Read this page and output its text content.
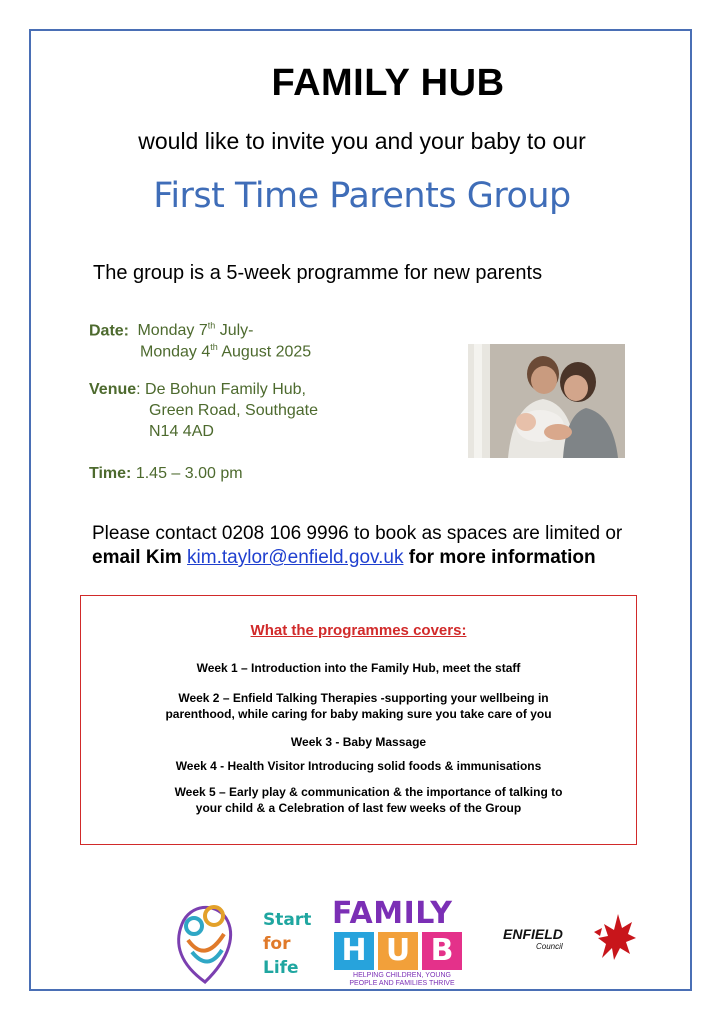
FAMILY HUB
would like to invite you and your baby to our
First Time Parents Group
The group is a 5-week programme for new parents
Date: Monday 7th July-
Monday 4th August 2025
Venue: De Bohun Family Hub,
Green Road, Southgate
N14 4AD
Time: 1.45 – 3.00 pm
Please contact 0208 106 9996 to book as spaces are limited or
email Kim kim.taylor@enfield.gov.uk for more information
What the programmes covers:
Week 1 – Introduction into the Family Hub, meet the staff
Week 2 – Enfield Talking Therapies -supporting your wellbeing in
parenthood, while caring for baby making sure you take care of you
Week 3 - Baby Massage
Week 4 - Health Visitor Introducing solid foods & immunisations
Week 5 – Early play & communication & the importance of talking to
your child & a Celebration of last few weeks of the Group
Start
for
Life
FAMILY
H U B
HELPING CHILDREN, YOUNG
PEOPLE AND FAMILIES THRIVE
ENFIELD
Council
